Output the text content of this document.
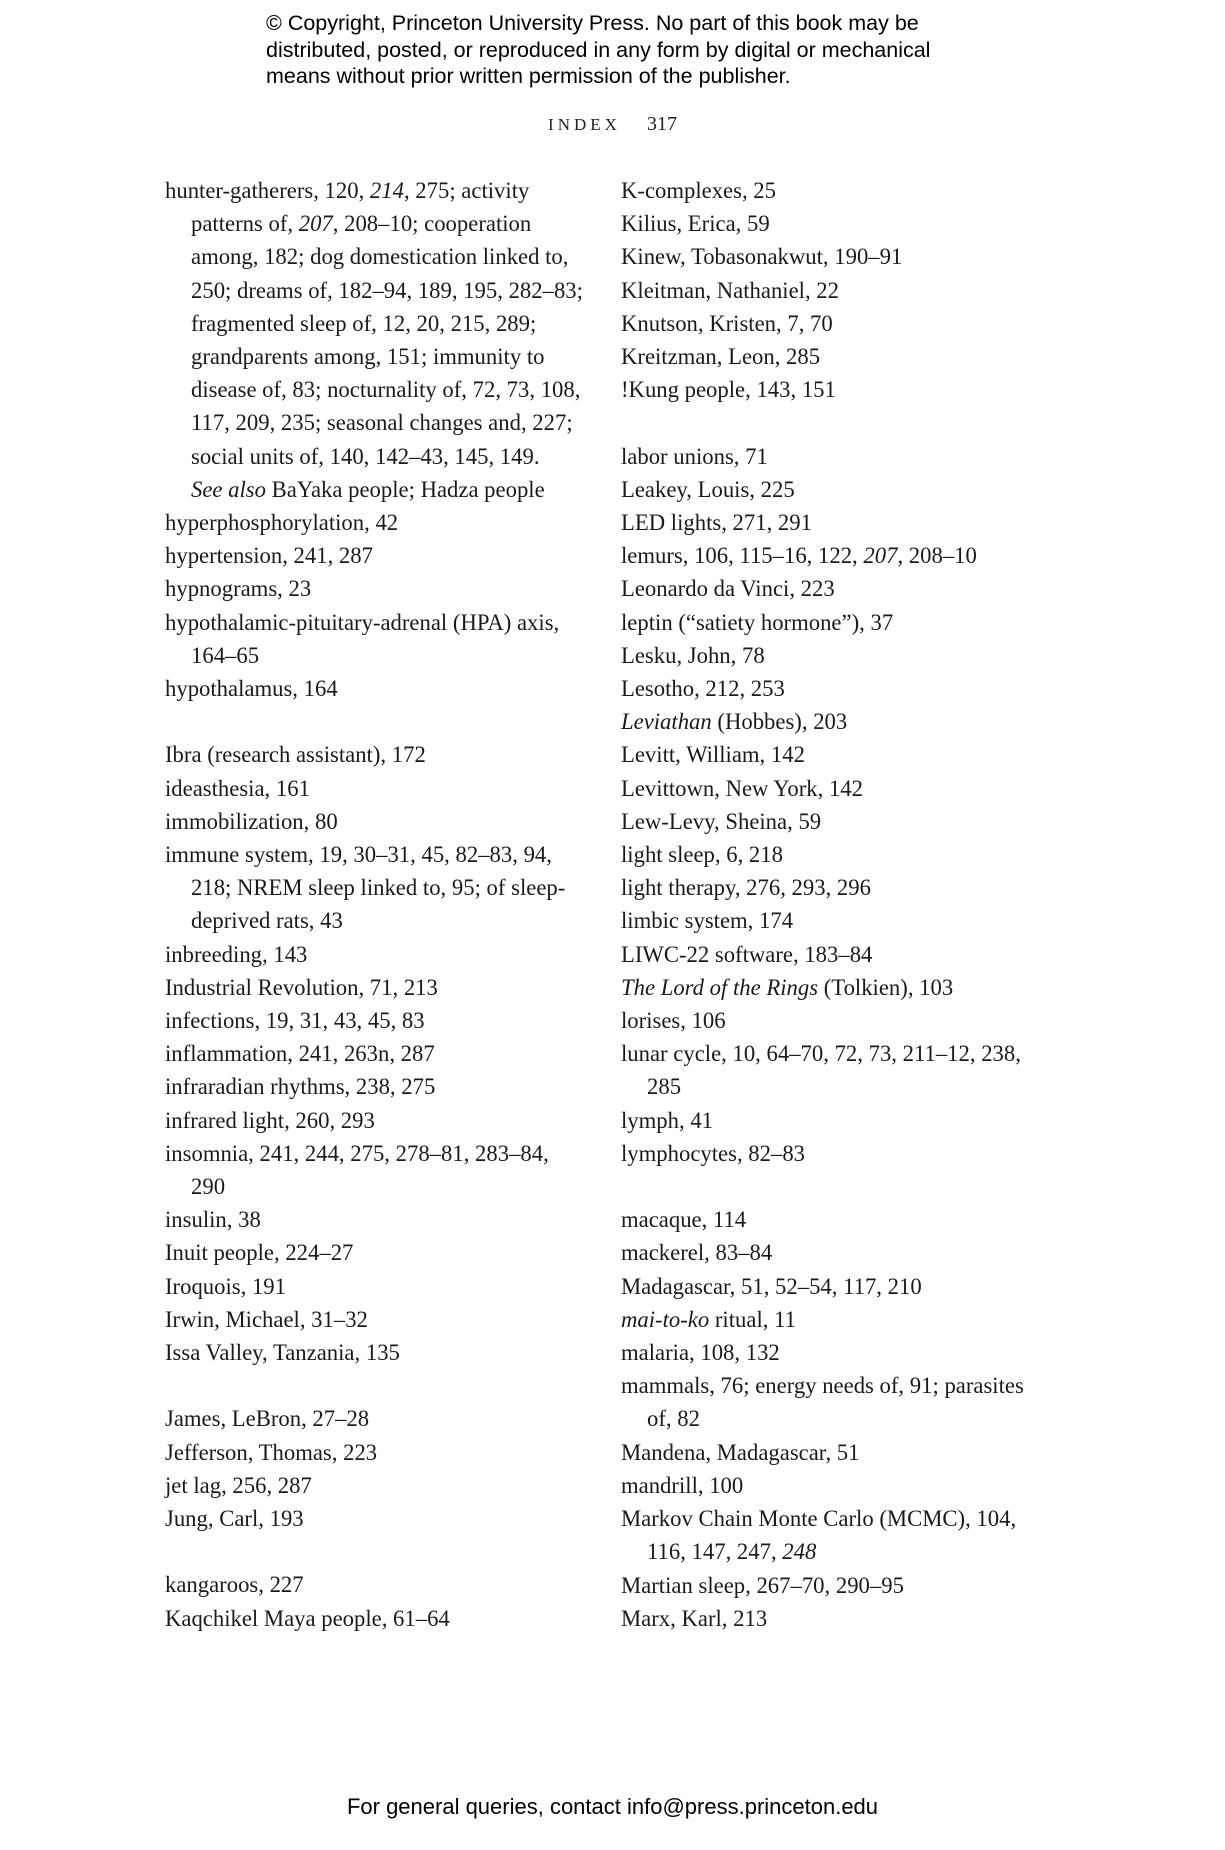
© Copyright, Princeton University Press. No part of this book may be distributed, posted, or reproduced in any form by digital or mechanical means without prior written permission of the publisher.
INDEX 317

hunter-gatherers, 120, 214, 275; activity patterns of, 207, 208–10; cooperation among, 182; dog domestication linked to, 250; dreams of, 182–94, 189, 195, 282–83; fragmented sleep of, 12, 20, 215, 289; grandparents among, 151; immunity to disease of, 83; nocturnality of, 72, 73, 108, 117, 209, 235; seasonal changes and, 227; social units of, 140, 142–43, 145, 149.

See also BaYaka people; Hadza people

hyperphosphorylation, 42

hypertension, 241, 287

hypnograms, 23

hypothalamic-pituitary-adrenal (HPA) axis, 164–65

hypothalamus, 164

Ibra (research assistant), 172

ideasthesia, 161

immobilization, 80

immune system, 19, 30–31, 45, 82–83, 94, 218; NREM sleep linked to, 95; of sleep-deprived rats, 43

inbreeding, 143

Industrial Revolution, 71, 213

infections, 19, 31, 43, 45, 83

inflammation, 241, 263n, 287

infraradian rhythms, 238, 275

infrared light, 260, 293

insomnia, 241, 244, 275, 278–81, 283–84, 290

insulin, 38

Inuit people, 224–27

Iroquois, 191

Irwin, Michael, 31–32

Issa Valley, Tanzania, 135

James, LeBron, 27–28

Jefferson, Thomas, 223

jet lag, 256, 287

Jung, Carl, 193

kangaroos, 227

Kaqchikel Maya people, 61–64

K-complexes, 25

Kilius, Erica, 59

Kinew, Tobasonakwut, 190–91

Kleitman, Nathaniel, 22

Knutson, Kristen, 7, 70

Kreitzman, Leon, 285

!Kung people, 143, 151

labor unions, 71

Leakey, Louis, 225

LED lights, 271, 291

lemurs, 106, 115–16, 122, 207, 208–10

Leonardo da Vinci, 223

leptin (“satiety hormone”), 37

Lesku, John, 78

Lesotho, 212, 253

Leviathan (Hobbes), 203

Levitt, William, 142

Levittown, New York, 142

Lew-Levy, Sheina, 59

light sleep, 6, 218

light therapy, 276, 293, 296

limbic system, 174

LIWC-22 software, 183–84

The Lord of the Rings (Tolkien), 103

lorises, 106

lunar cycle, 10, 64–70, 72, 73, 211–12, 238, 285

lymph, 41

lymphocytes, 82–83

macaque, 114

mackerel, 83–84

Madagascar, 51, 52–54, 117, 210

mai-to-ko ritual, 11

malaria, 108, 132

mammals, 76; energy needs of, 91; parasites of, 82

Mandena, Madagascar, 51

mandrill, 100

Markov Chain Monte Carlo (MCMC), 104, 116, 147, 247, 248

Martian sleep, 267–70, 290–95

Marx, Karl, 213

For general queries, contact info@press.princeton.edu
